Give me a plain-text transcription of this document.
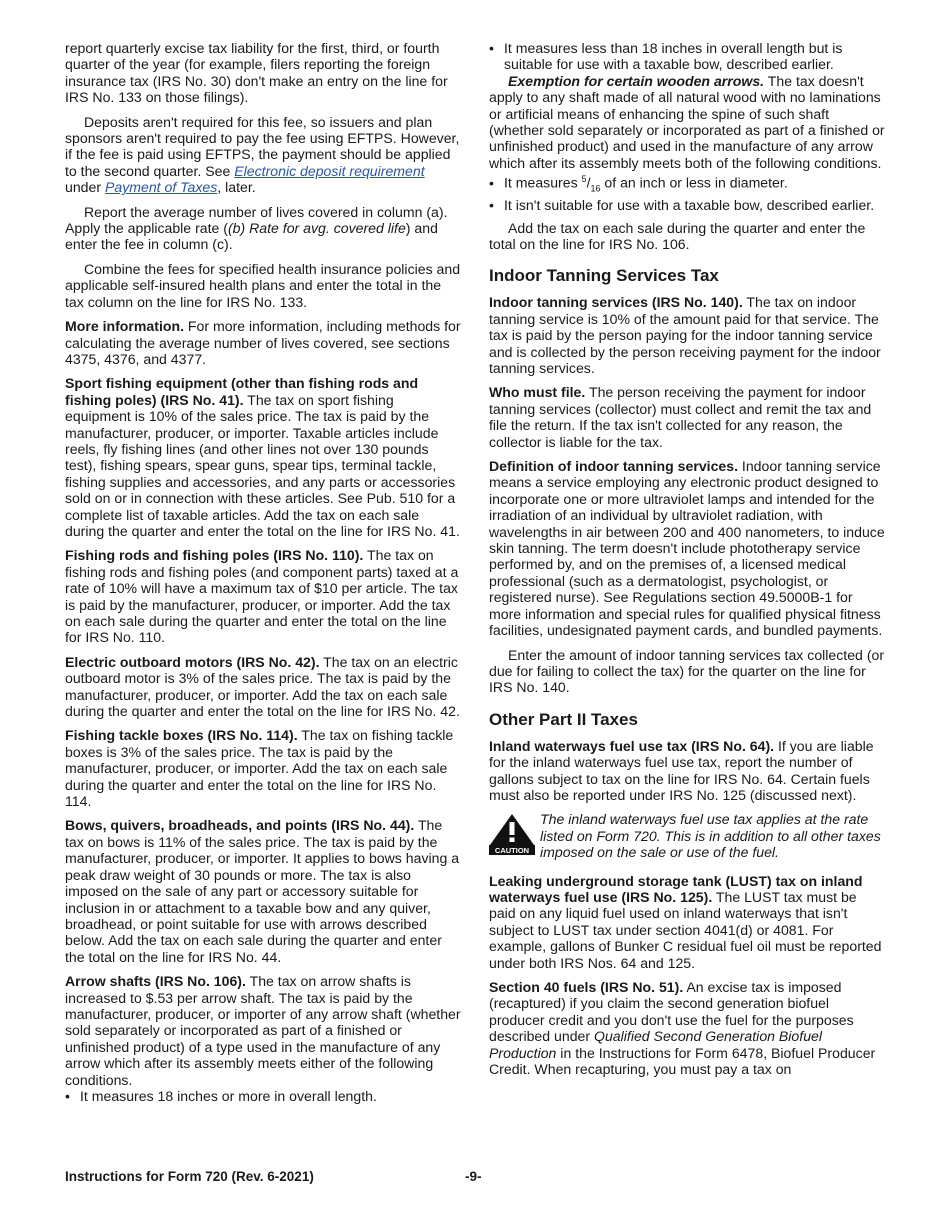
report quarterly excise tax liability for the first, third, or fourth quarter of the year (for example, filers reporting the foreign insurance tax (IRS No. 30) don't make an entry on the line for IRS No. 133 on those filings).

Deposits aren't required for this fee, so issuers and plan sponsors aren't required to pay the fee using EFTPS. However, if the fee is paid using EFTPS, the payment should be applied to the second quarter. See Electronic deposit requirement under Payment of Taxes, later.

Report the average number of lives covered in column (a). Apply the applicable rate ((b) Rate for avg. covered life) and enter the fee in column (c).

Combine the fees for specified health insurance policies and applicable self-insured health plans and enter the total in the tax column on the line for IRS No. 133.

More information. For more information, including methods for calculating the average number of lives covered, see sections 4375, 4376, and 4377.

Sport fishing equipment (other than fishing rods and fishing poles) (IRS No. 41). The tax on sport fishing equipment is 10% of the sales price. The tax is paid by the manufacturer, producer, or importer. Taxable articles include reels, fly fishing lines (and other lines not over 130 pounds test), fishing spears, spear guns, spear tips, terminal tackle, fishing supplies and accessories, and any parts or accessories sold on or in connection with these articles. See Pub. 510 for a complete list of taxable articles. Add the tax on each sale during the quarter and enter the total on the line for IRS No. 41.

Fishing rods and fishing poles (IRS No. 110). The tax on fishing rods and fishing poles (and component parts) taxed at a rate of 10% will have a maximum tax of $10 per article. The tax is paid by the manufacturer, producer, or importer. Add the tax on each sale during the quarter and enter the total on the line for IRS No. 110.

Electric outboard motors (IRS No. 42). The tax on an electric outboard motor is 3% of the sales price. The tax is paid by the manufacturer, producer, or importer. Add the tax on each sale during the quarter and enter the total on the line for IRS No. 42.

Fishing tackle boxes (IRS No. 114). The tax on fishing tackle boxes is 3% of the sales price. The tax is paid by the manufacturer, producer, or importer. Add the tax on each sale during the quarter and enter the total on the line for IRS No. 114.

Bows, quivers, broadheads, and points (IRS No. 44). The tax on bows is 11% of the sales price. The tax is paid by the manufacturer, producer, or importer. It applies to bows having a peak draw weight of 30 pounds or more. The tax is also imposed on the sale of any part or accessory suitable for inclusion in or attachment to a taxable bow and any quiver, broadhead, or point suitable for use with arrows described below. Add the tax on each sale during the quarter and enter the total on the line for IRS No. 44.

Arrow shafts (IRS No. 106). The tax on arrow shafts is increased to $.53 per arrow shaft. The tax is paid by the manufacturer, producer, or importer of any arrow shaft (whether sold separately or incorporated as part of a finished or unfinished product) of a type used in the manufacture of any arrow which after its assembly meets either of the following conditions.

• It measures 18 inches or more in overall length.

• It measures less than 18 inches in overall length but is suitable for use with a taxable bow, described earlier.

Exemption for certain wooden arrows. The tax doesn't apply to any shaft made of all natural wood with no laminations or artificial means of enhancing the spine of such shaft (whether sold separately or incorporated as part of a finished or unfinished product) and used in the manufacture of any arrow which after its assembly meets both of the following conditions.

• It measures $^5/_{16}$ of an inch or less in diameter.

• It isn't suitable for use with a taxable bow, described earlier.

Add the tax on each sale during the quarter and enter the total on the line for IRS No. 106.

Indoor Tanning Services Tax

Indoor tanning services (IRS No. 140). The tax on indoor tanning service is 10% of the amount paid for that service. The tax is paid by the person paying for the indoor tanning service and is collected by the person receiving payment for the indoor tanning services.

Who must file. The person receiving the payment for indoor tanning services (collector) must collect and remit the tax and file the return. If the tax isn't collected for any reason, the collector is liable for the tax.

Definition of indoor tanning services. Indoor tanning service means a service employing any electronic product designed to incorporate one or more ultraviolet lamps and intended for the irradiation of an individual by ultraviolet radiation, with wavelengths in air between 200 and 400 nanometers, to induce skin tanning. The term doesn't include phototherapy service performed by, and on the premises of, a licensed medical professional (such as a dermatologist, psychologist, or registered nurse). See Regulations section 49.5000B-1 for more information and special rules for qualified physical fitness facilities, undesignated payment cards, and bundled payments.

Enter the amount of indoor tanning services tax collected (or due for failing to collect the tax) for the quarter on the line for IRS No. 140.

Other Part II Taxes

Inland waterways fuel use tax (IRS No. 64). If you are liable for the inland waterways fuel use tax, report the number of gallons subject to tax on the line for IRS No. 64. Certain fuels must also be reported under IRS No. 125 (discussed next).

CAUTION
The inland waterways fuel use tax applies at the rate listed on Form 720. This is in addition to all other taxes imposed on the sale or use of the fuel.

Leaking underground storage tank (LUST) tax on inland waterways fuel use (IRS No. 125). The LUST tax must be paid on any liquid fuel used on inland waterways that isn't subject to LUST tax under section 4041(d) or 4081. For example, gallons of Bunker C residual fuel oil must be reported under both IRS Nos. 64 and 125.

Section 40 fuels (IRS No. 51). An excise tax is imposed (recaptured) if you claim the second generation biofuel producer credit and you don't use the fuel for the purposes described under Qualified Second Generation Biofuel Production in the Instructions for Form 6478, Biofuel Producer Credit. When recapturing, you must pay a tax on

Instructions for Form 720 (Rev. 6-2021)	-9-
